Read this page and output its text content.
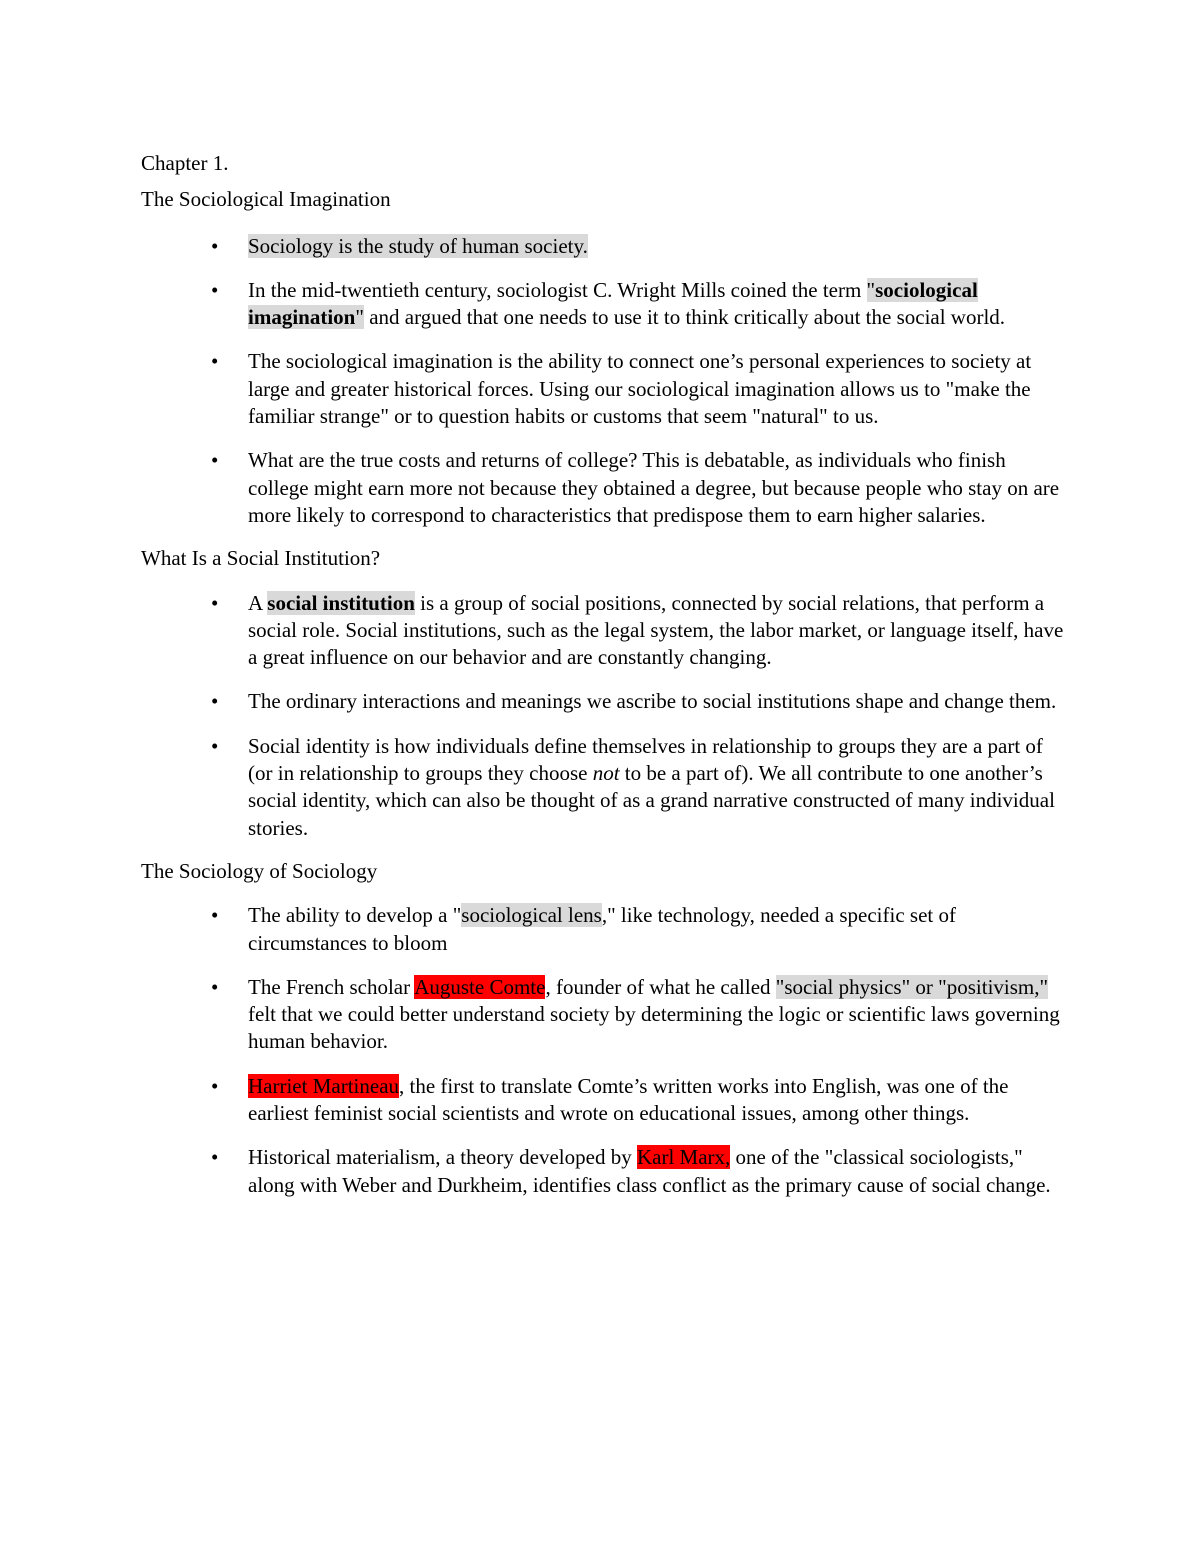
Chapter 1.

The Sociological Imagination

• Sociology is the study of human society.
• In the mid-twentieth century, sociologist C. Wright Mills coined the term "sociological imagination" and argued that one needs to use it to think critically about the social world.
• The sociological imagination is the ability to connect one’s personal experiences to society at large and greater historical forces. Using our sociological imagination allows us to "make the familiar strange" or to question habits or customs that seem "natural" to us.
• What are the true costs and returns of college? This is debatable, as individuals who finish college might earn more not because they obtained a degree, but because people who stay on are more likely to correspond to characteristics that predispose them to earn higher salaries.

What Is a Social Institution?

• A social institution is a group of social positions, connected by social relations, that perform a social role. Social institutions, such as the legal system, the labor market, or language itself, have a great influence on our behavior and are constantly changing.
• The ordinary interactions and meanings we ascribe to social institutions shape and change them.
• Social identity is how individuals define themselves in relationship to groups they are a part of (or in relationship to groups they choose not to be a part of). We all contribute to one another’s social identity, which can also be thought of as a grand narrative constructed of many individual stories.

The Sociology of Sociology

• The ability to develop a "sociological lens," like technology, needed a specific set of circumstances to bloom
• The French scholar Auguste Comte, founder of what he called "social physics" or "positivism," felt that we could better understand society by determining the logic or scientific laws governing human behavior.
• Harriet Martineau, the first to translate Comte’s written works into English, was one of the earliest feminist social scientists and wrote on educational issues, among other things.
• Historical materialism, a theory developed by Karl Marx, one of the "classical sociologists," along with Weber and Durkheim, identifies class conflict as the primary cause of social change.
